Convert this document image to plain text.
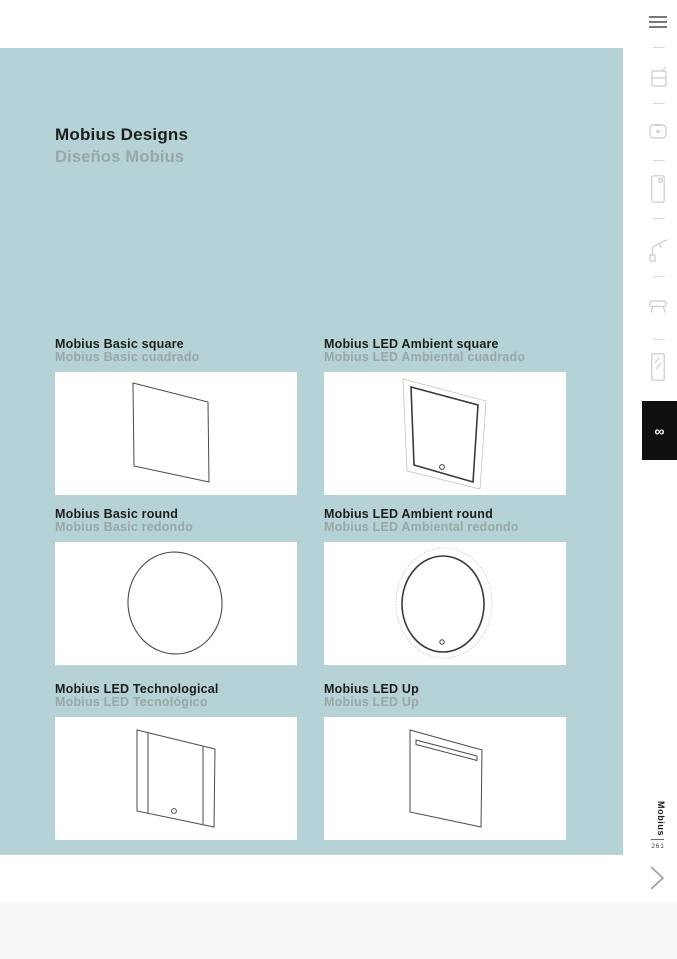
Mobius Designs
Diseños Mobius
Mobius Basic square
Mobius Basic cuadrado
Mobius LED Ambient square
Mobius LED Ambiental cuadrado
Mobius Basic round
Mobius Basic redondo
Mobius LED Ambient round
Mobius LED Ambiental redondo
Mobius LED Technological
Mobius LED Tecnológico
Mobius LED Up
Mobius LED Up
∞
Mobius
261
